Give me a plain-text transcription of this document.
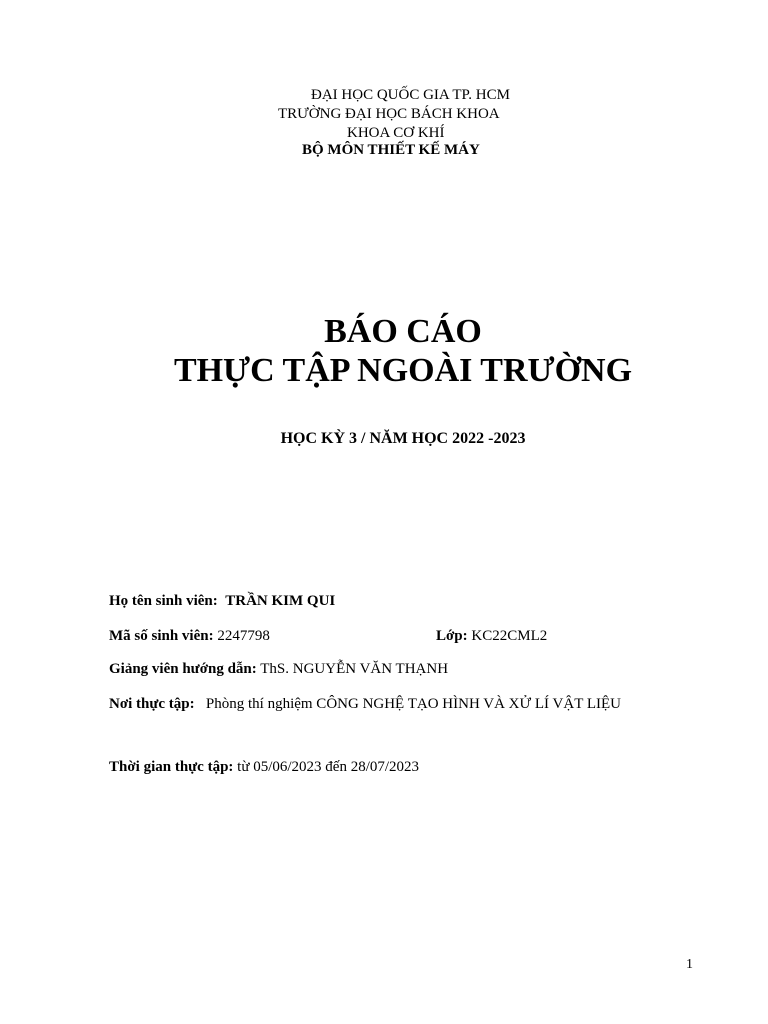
ĐẠI HỌC QUỐC GIA TP. HCM
TRƯỜNG ĐẠI HỌC BÁCH KHOA
KHOA CƠ KHÍ
BỘ MÔN THIẾT KẾ MÁY
BÁO CÁO
THỰC TẬP NGOÀI TRƯỜNG
HỌC KỲ 3 / NĂM HỌC 2022 -2023
Họ tên sinh viên: TRẦN KIM QUI
Mã số sinh viên: 2247798	Lớp: KC22CML2
Giảng viên hướng dẫn: ThS. NGUYỄN VĂN THẠNH
Nơi thực tập: Phòng thí nghiệm CÔNG NGHỆ TẠO HÌNH VÀ XỬ LÍ VẬT LIỆU
Thời gian thực tập: từ 05/06/2023 đến 28/07/2023
1
